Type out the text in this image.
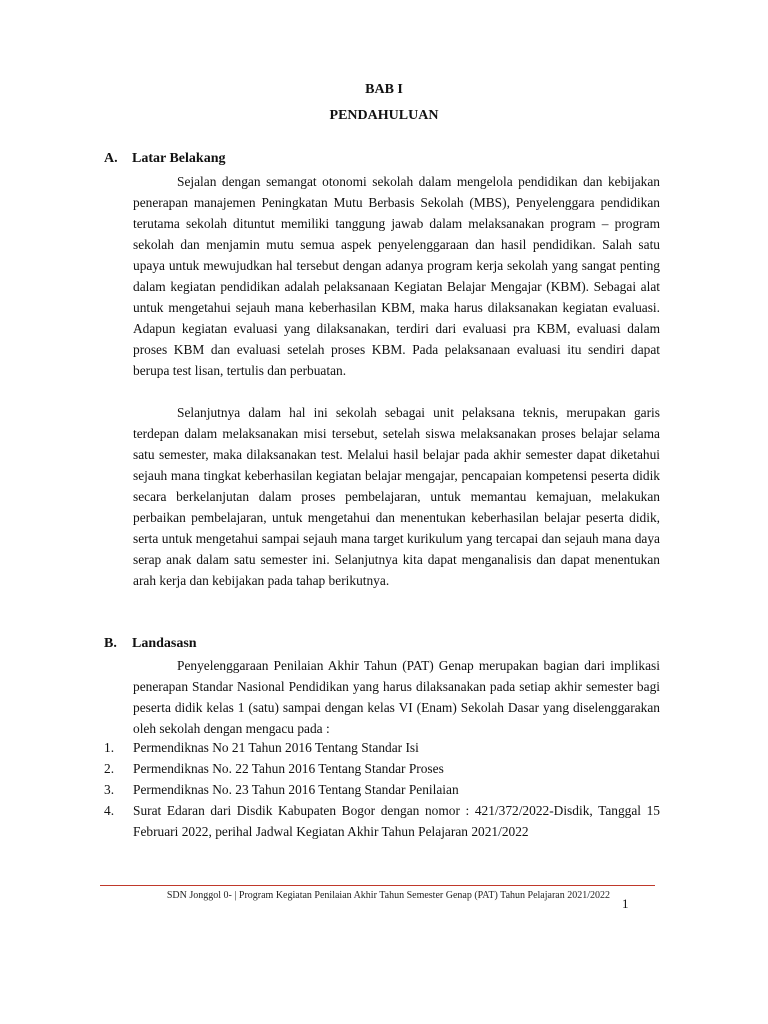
BAB I
PENDAHULUAN
A. Latar Belakang

Sejalan dengan semangat otonomi sekolah dalam mengelola pendidikan dan kebijakan penerapan manajemen Peningkatan Mutu Berbasis Sekolah (MBS), Penyelenggara pendidikan terutama sekolah dituntut memiliki tanggung jawab dalam melaksanakan program – program sekolah dan menjamin mutu semua aspek penyelenggaraan dan hasil pendidikan. Salah satu upaya untuk mewujudkan hal tersebut dengan adanya program kerja sekolah yang sangat penting dalam kegiatan pendidikan adalah pelaksanaan Kegiatan Belajar Mengajar (KBM). Sebagai alat untuk mengetahui sejauh mana keberhasilan KBM, maka harus dilaksanakan kegiatan evaluasi. Adapun kegiatan evaluasi yang dilaksanakan, terdiri dari evaluasi pra KBM, evaluasi dalam proses KBM dan evaluasi setelah proses KBM. Pada pelaksanaan evaluasi itu sendiri dapat berupa test lisan, tertulis dan perbuatan.

Selanjutnya dalam hal ini sekolah sebagai unit pelaksana teknis, merupakan garis terdepan dalam melaksanakan misi tersebut, setelah siswa melaksanakan proses belajar selama satu semester, maka dilaksanakan test. Melalui hasil belajar pada akhir semester dapat diketahui sejauh mana tingkat keberhasilan kegiatan belajar mengajar, pencapaian kompetensi peserta didik secara berkelanjutan dalam proses pembelajaran, untuk memantau kemajuan, melakukan perbaikan pembelajaran, untuk mengetahui dan menentukan keberhasilan belajar peserta didik, serta untuk mengetahui sampai sejauh mana target kurikulum yang tercapai dan sejauh mana daya serap anak dalam satu semester ini. Selanjutnya kita dapat menganalisis dan dapat menentukan arah kerja dan kebijakan pada tahap berikutnya.

B. Landasasn

Penyelenggaraan Penilaian Akhir Tahun (PAT) Genap merupakan bagian dari implikasi penerapan Standar Nasional Pendidikan yang harus dilaksanakan pada setiap akhir semester bagi peserta didik kelas 1 (satu) sampai dengan kelas VI (Enam) Sekolah Dasar yang diselenggarakan oleh sekolah dengan mengacu pada :

1. Permendiknas No 21 Tahun 2016 Tentang Standar Isi
2. Permendiknas No. 22 Tahun 2016 Tentang Standar Proses
3. Permendiknas No. 23 Tahun 2016 Tentang Standar Penilaian
4. Surat Edaran dari Disdik Kabupaten Bogor dengan nomor : 421/372/2022-Disdik, Tanggal 15 Februari 2022, perihal Jadwal Kegiatan Akhir Tahun Pelajaran 2021/2022
SDN Jonggol 0- | Program Kegiatan Penilaian Akhir Tahun Semester Genap (PAT) Tahun Pelajaran 2021/2022
1
